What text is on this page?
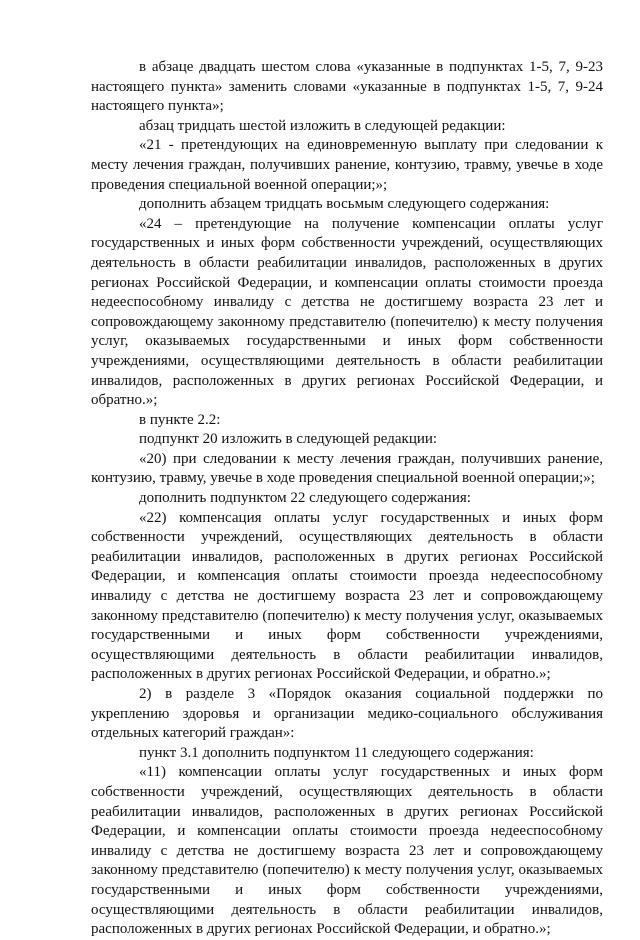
в абзаце двадцать шестом слова «указанные в подпунктах 1-5, 7, 9-23 настоящего пункта» заменить словами «указанные в подпунктах 1-5, 7, 9-24 настоящего пункта»;

абзац тридцать шестой изложить в следующей редакции:

«21 - претендующих на единовременную выплату при следовании к месту лечения граждан, получивших ранение, контузию, травму, увечье в ходе проведения специальной военной операции;»;

дополнить абзацем тридцать восьмым следующего содержания:

«24 – претендующие на получение компенсации оплаты услуг государственных и иных форм собственности учреждений, осуществляющих деятельность в области реабилитации инвалидов, расположенных в других регионах Российской Федерации, и компенсации оплаты стоимости проезда недееспособному инвалиду с детства не достигшему возраста 23 лет и сопровождающему законному представителю (попечителю) к месту получения услуг, оказываемых государственными и иных форм собственности учреждениями, осуществляющими деятельность в области реабилитации инвалидов, расположенных в других регионах Российской Федерации, и обратно.»;

в пункте 2.2:

подпункт 20 изложить в следующей редакции:

«20) при следовании к месту лечения граждан, получивших ранение, контузию, травму, увечье в ходе проведения специальной военной операции;»;

дополнить подпунктом 22 следующего содержания:

«22) компенсация оплаты услуг государственных и иных форм собственности учреждений, осуществляющих деятельность в области реабилитации инвалидов, расположенных в других регионах Российской Федерации, и компенсация оплаты стоимости проезда недееспособному инвалиду с детства не достигшему возраста 23 лет и сопровождающему законному представителю (попечителю) к месту получения услуг, оказываемых государственными и иных форм собственности учреждениями, осуществляющими деятельность в области реабилитации инвалидов, расположенных в других регионах Российской Федерации, и обратно.»;

2) в разделе 3 «Порядок оказания социальной поддержки по укреплению здоровья и организации медико-социального обслуживания отдельных категорий граждан»:

пункт 3.1 дополнить подпунктом 11 следующего содержания:

«11) компенсации оплаты услуг государственных и иных форм собственности учреждений, осуществляющих деятельность в области реабилитации инвалидов, расположенных в других регионах Российской Федерации, и компенсации оплаты стоимости проезда недееспособному инвалиду с детства не достигшему возраста 23 лет и сопровождающему законному представителю (попечителю) к месту получения услуг, оказываемых государственными и иных форм собственности учреждениями, осуществляющими деятельность в области реабилитации инвалидов, расположенных в других регионах Российской Федерации, и обратно.»;
